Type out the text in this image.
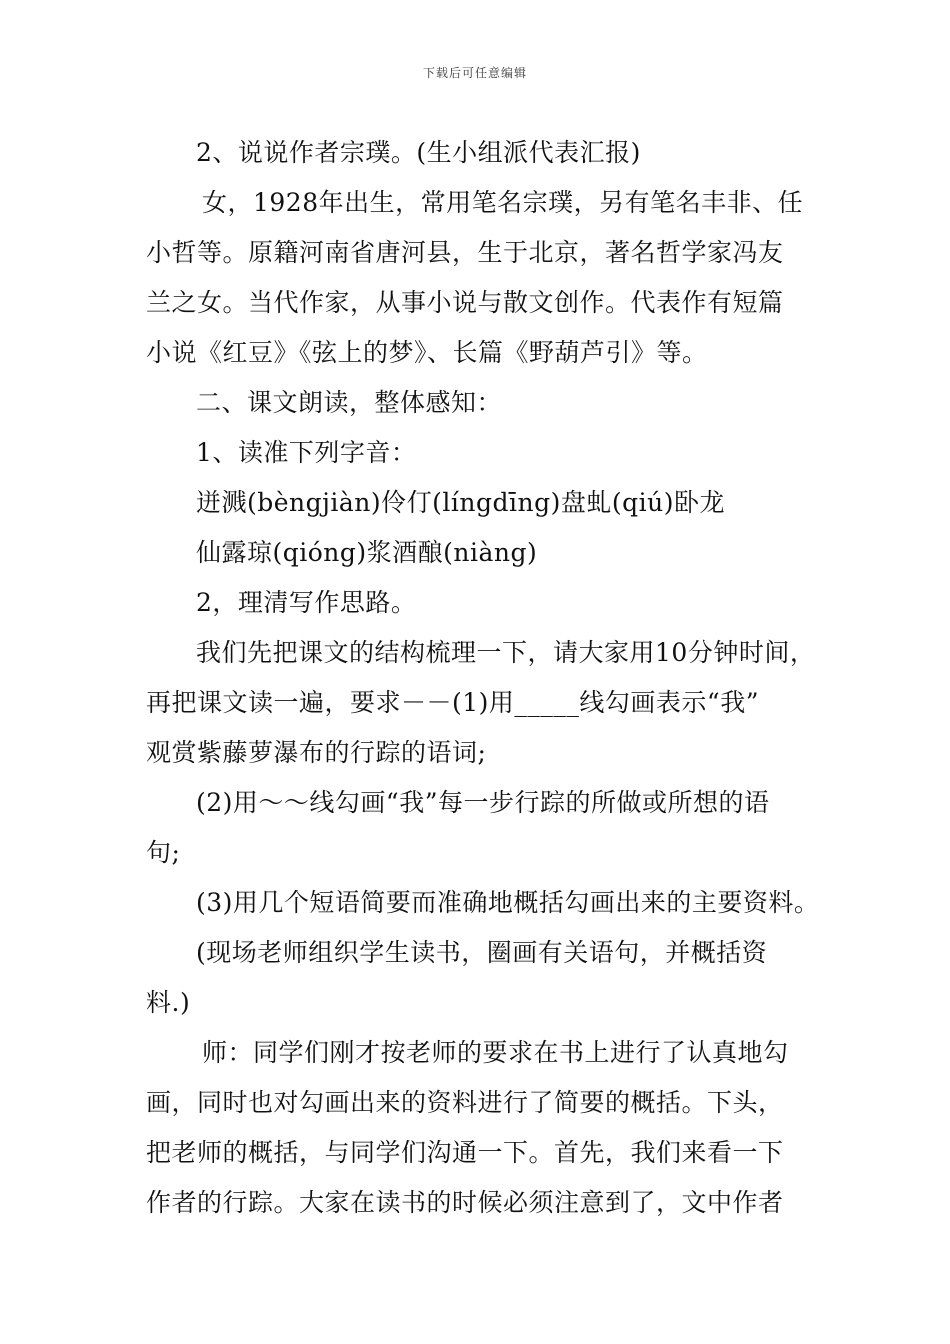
下载后可任意编辑
2、说说作者宗璞。(生小组派代表汇报)
女，1928年出生，常用笔名宗璞，另有笔名丰非、任
小哲等。原籍河南省唐河县，生于北京，著名哲学家冯友
兰之女。当代作家，从事小说与散文创作。代表作有短篇
小说《红豆》《弦上的梦》、长篇《野葫芦引》等。
二、课文朗读，整体感知：
1、读准下列字音：
迸溅(bèngjiàn)伶仃(língdīng)盘虬(qiú)卧龙
仙露琼(qióng)浆酒酿(niàng)
2，理清写作思路。
我们先把课文的结构梳理一下，请大家用10分钟时间，
再把课文读一遍，要求－－(1)用_____线勾画表示“我”
观赏紫藤萝瀑布的行踪的语词;
(2)用～～线勾画“我”每一步行踪的所做或所想的语
句;
(3)用几个短语简要而准确地概括勾画出来的主要资料。
(现场老师组织学生读书，圈画有关语句，并概括资
料.)
师：同学们刚才按老师的要求在书上进行了认真地勾
画，同时也对勾画出来的资料进行了简要的概括。下头，
把老师的概括，与同学们沟通一下。首先，我们来看一下
作者的行踪。大家在读书的时候必须注意到了，文中作者
